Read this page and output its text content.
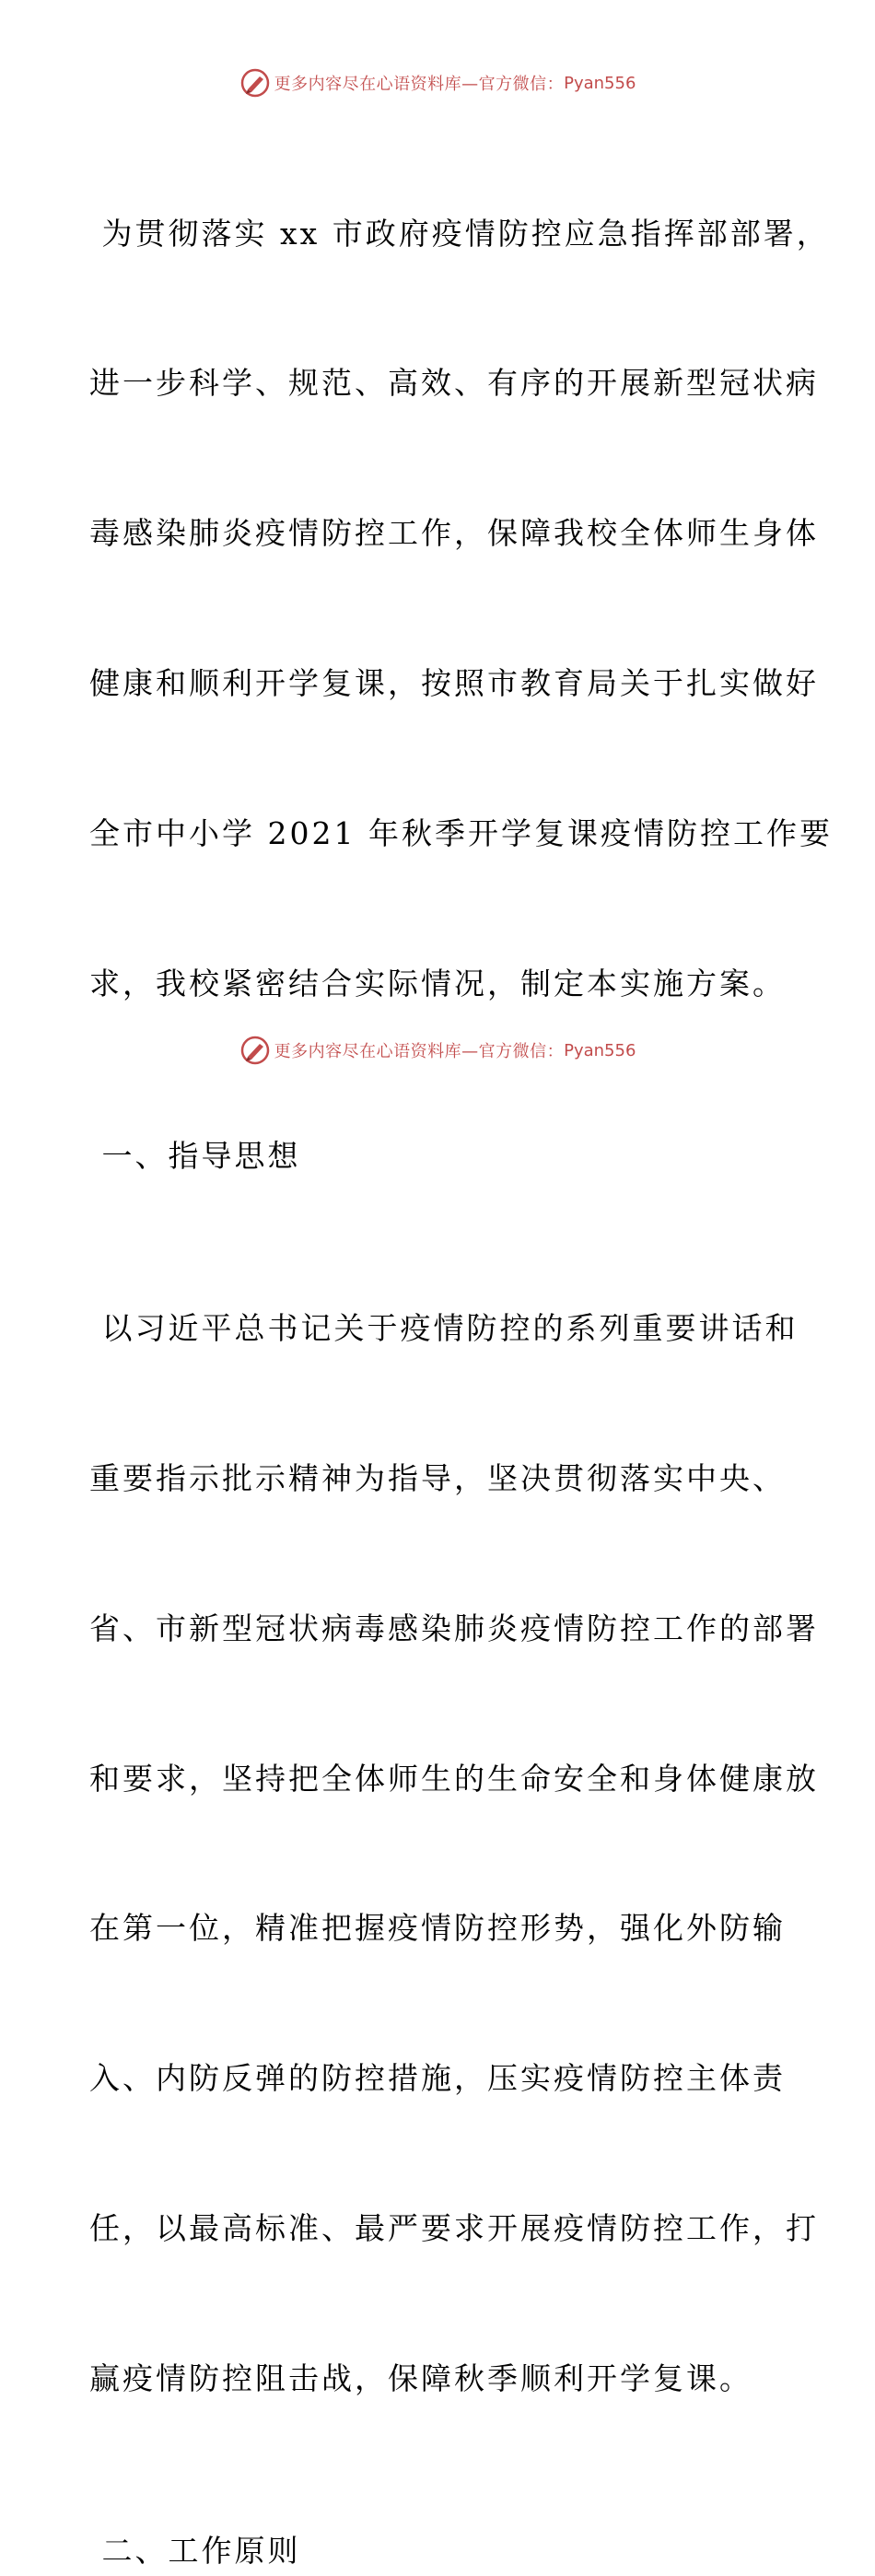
更多内容尽在心语资料库—官方微信： Pyan556

为贯彻落实 xx 市政府疫情防控应急指挥部部署，

进一步科学、规范、高效、有序的开展新型冠状病

毒感染肺炎疫情防控工作，保障我校全体师生身体

健康和顺利开学复课，按照市教育局关于扎实做好

全市中小学 2021 年秋季开学复课疫情防控工作要

求，我校紧密结合实际情况，制定本实施方案。

一、指导思想

以习近平总书记关于疫情防控的系列重要讲话和

重要指示批示精神为指导，坚决贯彻落实中央、

省、市新型冠状病毒感染肺炎疫情防控工作的部署

和要求，坚持把全体师生的生命安全和身体健康放

在第一位，精准把握疫情防控形势，强化外防输

入、内防反弹的防控措施，压实疫情防控主体责

任，以最高标准、最严要求开展疫情防控工作，打

赢疫情防控阻击战，保障秋季顺利开学复课。

二、工作原则
更多内容尽在心语资料库—官方微信： Pyan556
